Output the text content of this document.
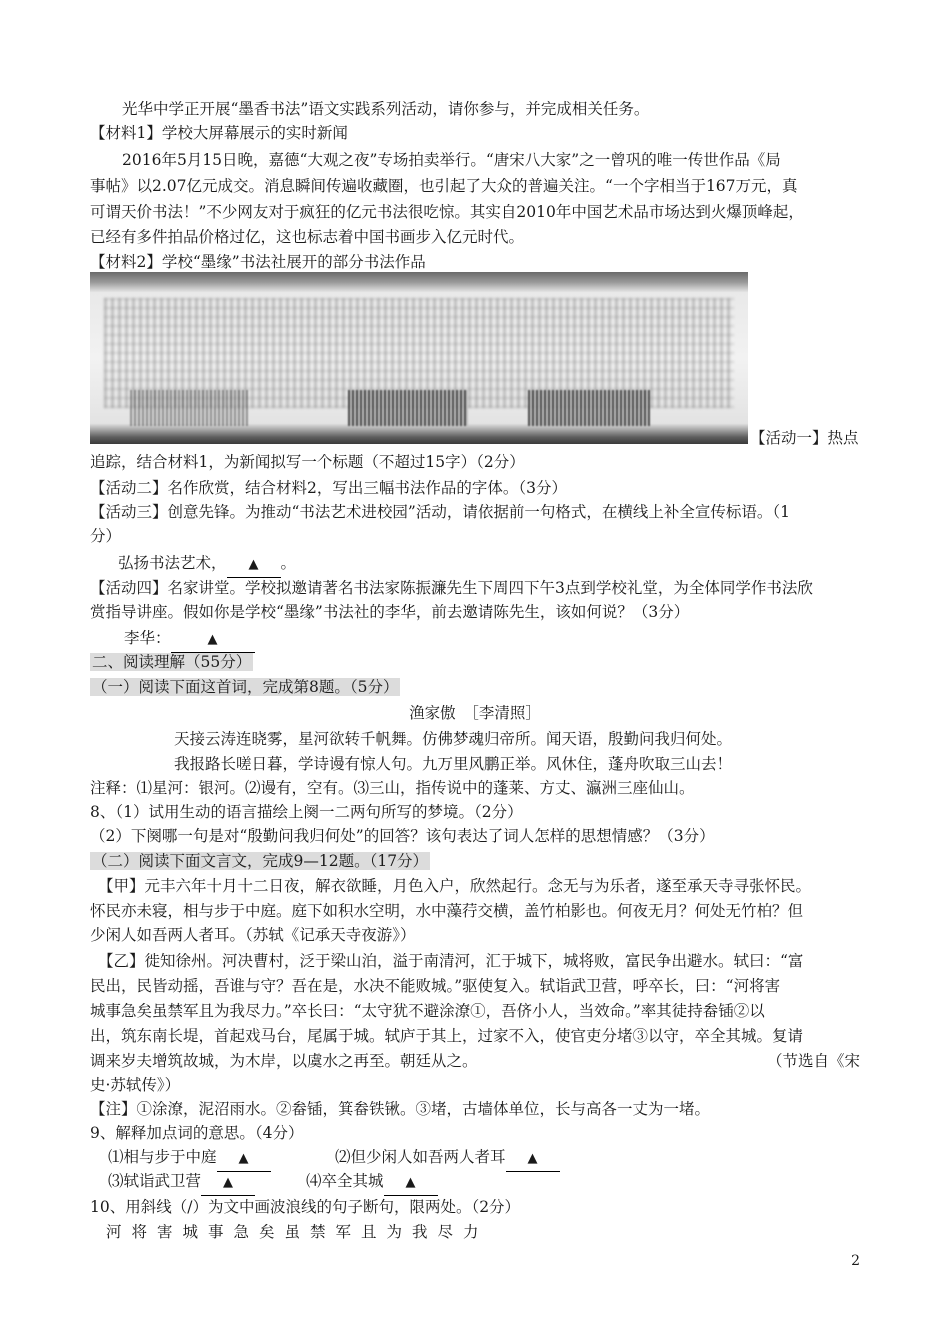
光华中学正开展“墨香书法”语文实践系列活动，请你参与，并完成相关任务。
【材料1】学校大屏幕展示的实时新闻
2016年5月15日晚，嘉德“大观之夜”专场拍卖举行。“唐宋八大家”之一曾巩的唯一传世作品《局
事帖》以2.07亿元成交。消息瞬间传遍收藏圈，也引起了大众的普遍关注。“一个字相当于167万元，真
可谓天价书法！”不少网友对于疯狂的亿元书法很吃惊。其实自2010年中国艺术品市场达到火爆顶峰起，
已经有多件拍品价格过亿，这也标志着中国书画步入亿元时代。
【材料2】学校“墨缘”书法社展开的部分书法作品
【活动一】热点
追踪，结合材料1，为新闻拟写一个标题（不超过15字）（2分）
【活动二】名作欣赏，结合材料2，写出三幅书法作品的字体。（3分）
【活动三】创意先锋。为推动“书法艺术进校园”活动，请依据前一句格式，在横线上补全宣传标语。（1
分）
弘扬书法艺术， ▲ 。
【活动四】名家讲堂。学校拟邀请著名书法家陈振濂先生下周四下午3点到学校礼堂，为全体同学作书法欣
赏指导讲座。假如你是学校“墨缘”书法社的李华，前去邀请陈先生，该如何说？（3分）
李华：	▲
二、阅读理解（55分）
（一）阅读下面这首词，完成第8题。（5分）
渔家傲　［李清照］
天接云涛连晓雾，星河欲转千帆舞。仿佛梦魂归帝所。闻天语，殷勤问我归何处。
我报路长嗟日暮，学诗谩有惊人句。九万里风鹏正举。风休住，蓬舟吹取三山去！
注释：⑴星河：银河。⑵谩有，空有。⑶三山，指传说中的蓬莱、方丈、瀛洲三座仙山。
8、（1）试用生动的语言描绘上阕一二两句所写的梦境。（2分）
（2）下阕哪一句是对“殷勤问我归何处”的回答？该句表达了词人怎样的思想情感？（3分）
（二）阅读下面文言文，完成9—12题。（17分）
【甲】元丰六年十月十二日夜，解衣欲睡，月色入户，欣然起行。念无与为乐者，遂至承天寺寻张怀民。
怀民亦未寝，相与步于中庭。庭下如积水空明，水中藻荇交横，盖竹柏影也。何夜无月？何处无竹柏？但
少闲人如吾两人者耳。（苏轼《记承天寺夜游》）
【乙】徙知徐州。河决曹村，泛于梁山泊，溢于南清河，汇于城下，城将败，富民争出避水。轼曰：“富
民出，民皆动摇，吾谁与守？吾在是，水决不能败城。”驱使复入。轼诣武卫营，呼卒长，曰：“河将害
城事急矣虽禁军且为我尽力。”卒长曰：“太守犹不避涂潦①，吾侪小人，当效命。”率其徒持畚锸②以
出，筑东南长堤，首起戏马台，尾属于城。轼庐于其上，过家不入，使官吏分堵③以守，卒全其城。复请
调来岁夫增筑故城，为木岸，以虞水之再至。朝廷从之。	（节选自《宋
史·苏轼传》）
【注】①涂潦，泥沼雨水。②畚锸，箕畚铁锹。③堵，古墙体单位，长与高各一丈为一堵。
9、解释加点词的意思。（4分）
⑴相与步于中庭 ▲	⑵但少闲人如吾两人者耳 ▲
⑶轼诣武卫营 ▲	⑷卒全其城 ▲
10、用斜线（/）为文中画波浪线的句子断句，限两处。（2分）
河将害城事急矣虽禁军且为我尽力
2
